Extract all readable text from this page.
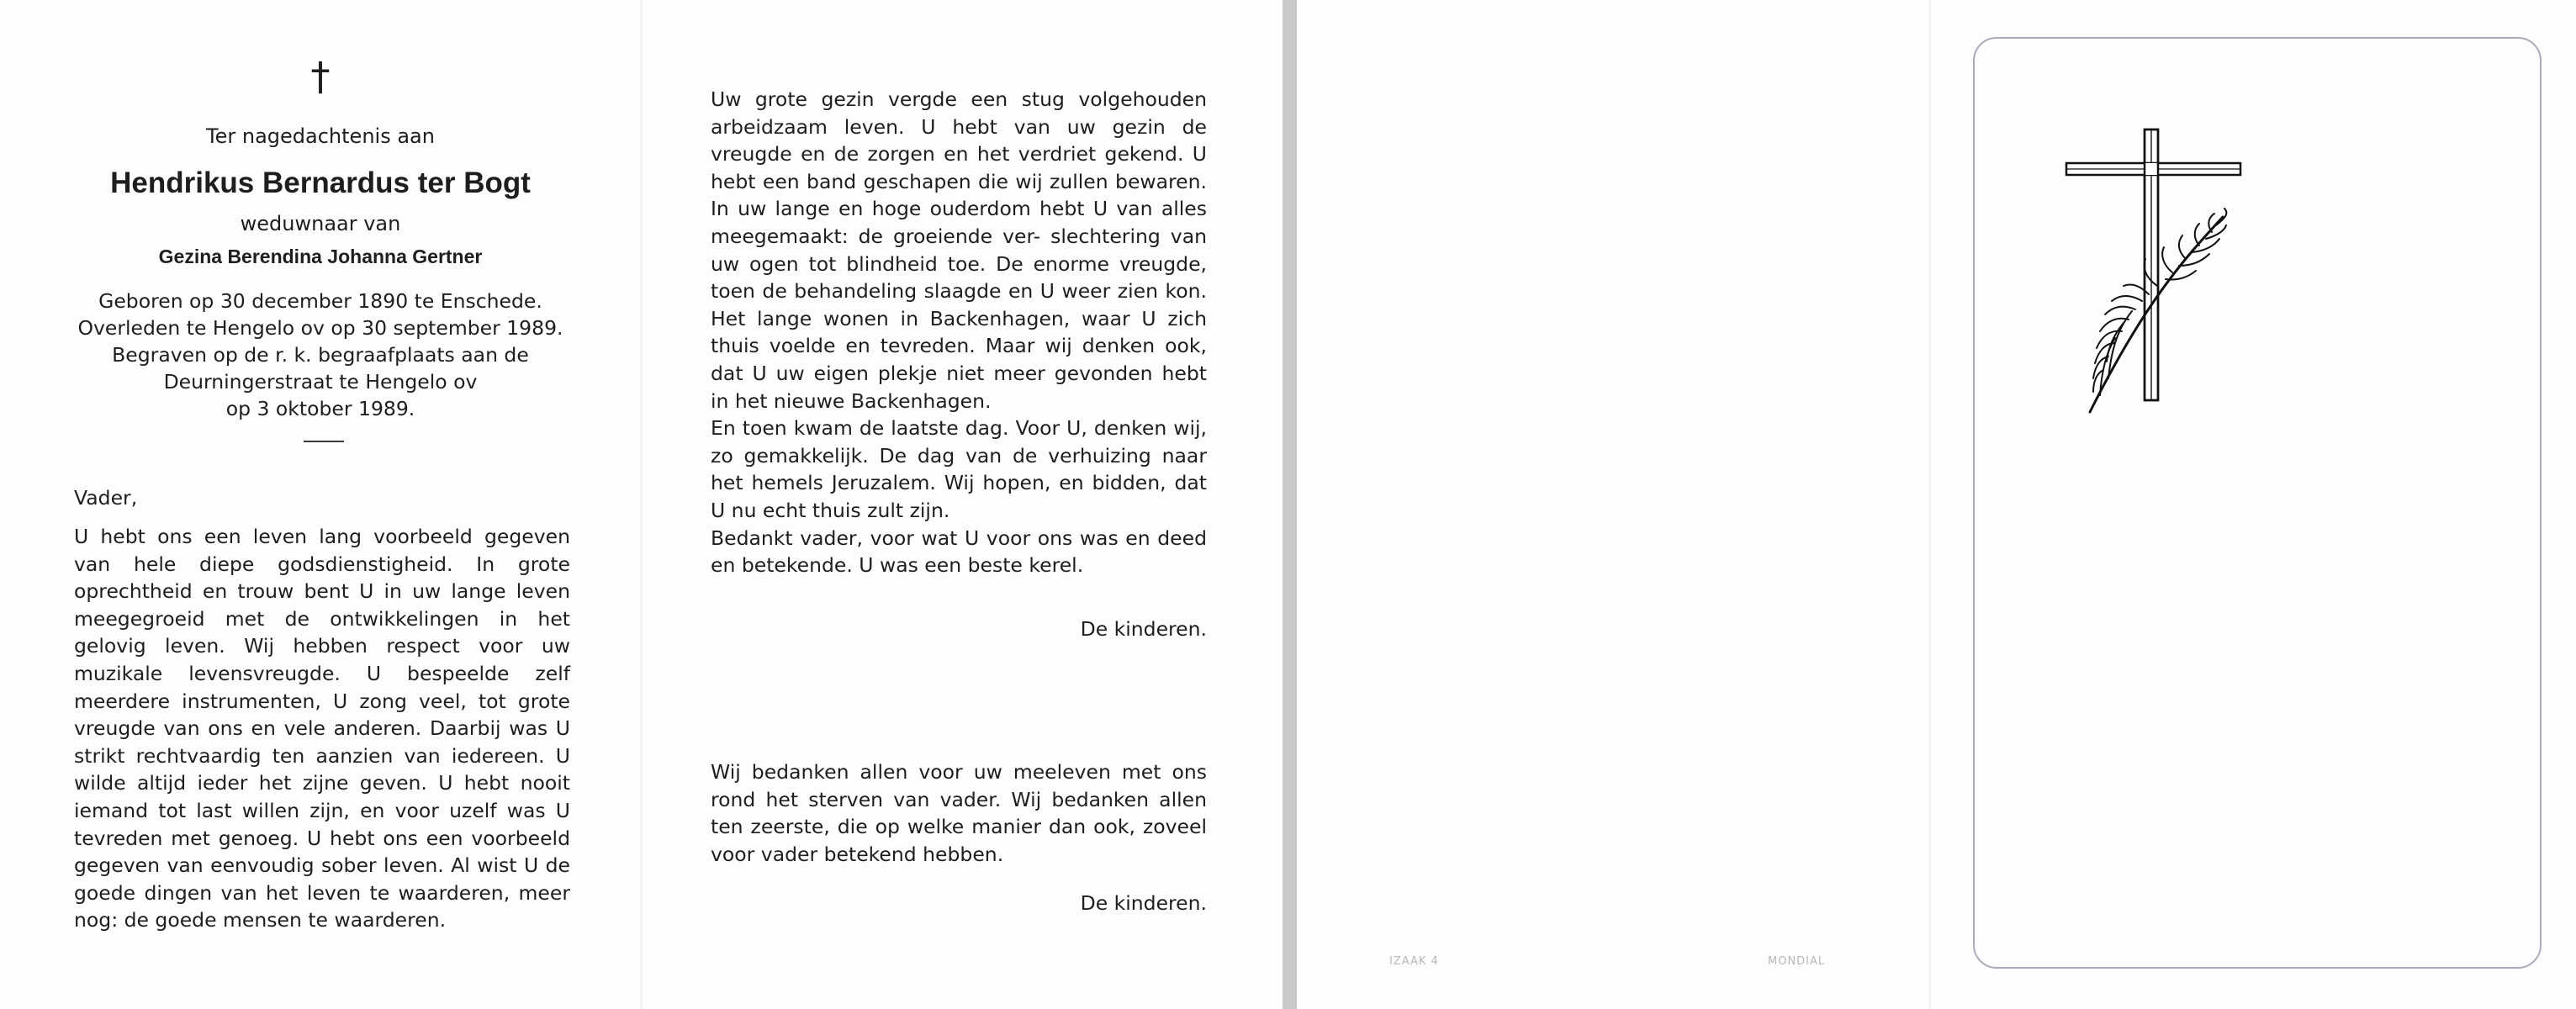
†
Ter nagedachtenis aan
Hendrikus Bernardus ter Bogt
weduwnaar van
Gezina Berendina Johanna Gertner
Geboren op 30 december 1890 te Enschede.
Overleden te Hengelo ov op 30 september 1989.
Begraven op de r. k. begraafplaats aan de
Deurningerstraat te Hengelo ov
op 3 oktober 1989.
Vader,
U hebt ons een leven lang voorbeeld gegeven van hele diepe godsdienstigheid. In grote oprechtheid en trouw bent U in uw lange leven meegegroeid met de ontwikkelingen in het gelovig leven. Wij hebben respect voor uw muzikale levensvreugde. U bespeelde zelf meerdere instrumenten, U zong veel, tot grote vreugde van ons en vele anderen. Daarbij was U strikt rechtvaardig ten aanzien van iedereen. U wilde altijd ieder het zijne geven. U hebt nooit iemand tot last willen zijn, en voor uzelf was U tevreden met genoeg. U hebt ons een voorbeeld gegeven van eenvoudig sober leven. Al wist U de goede dingen van het leven te waarderen, meer nog: de goede mensen te waarderen.
Uw grote gezin vergde een stug volgehouden arbeidzaam leven. U hebt van uw gezin de vreugde en de zorgen en het verdriet gekend. U hebt een band geschapen die wij zullen bewaren. In uw lange en hoge ouderdom hebt U van alles meegemaakt: de groeiende ver- slechtering van uw ogen tot blindheid toe. De enorme vreugde, toen de behandeling slaagde en U weer zien kon. Het lange wonen in Backenhagen, waar U zich thuis voelde en tevreden. Maar wij denken ook, dat U uw eigen plekje niet meer gevonden hebt in het nieuwe Backenhagen.
En toen kwam de laatste dag. Voor U, denken wij, zo gemakkelijk. De dag van de verhuizing naar het hemels Jeruzalem. Wij hopen, en bidden, dat U nu echt thuis zult zijn.
Bedankt vader, voor wat U voor ons was en deed en betekende. U was een beste kerel.
De kinderen.
Wij bedanken allen voor uw meeleven met ons rond het sterven van vader. Wij bedanken allen ten zeerste, die op welke manier dan ook, zoveel voor vader betekend hebben.
De kinderen.
IZAAK 4	MONDIAL
